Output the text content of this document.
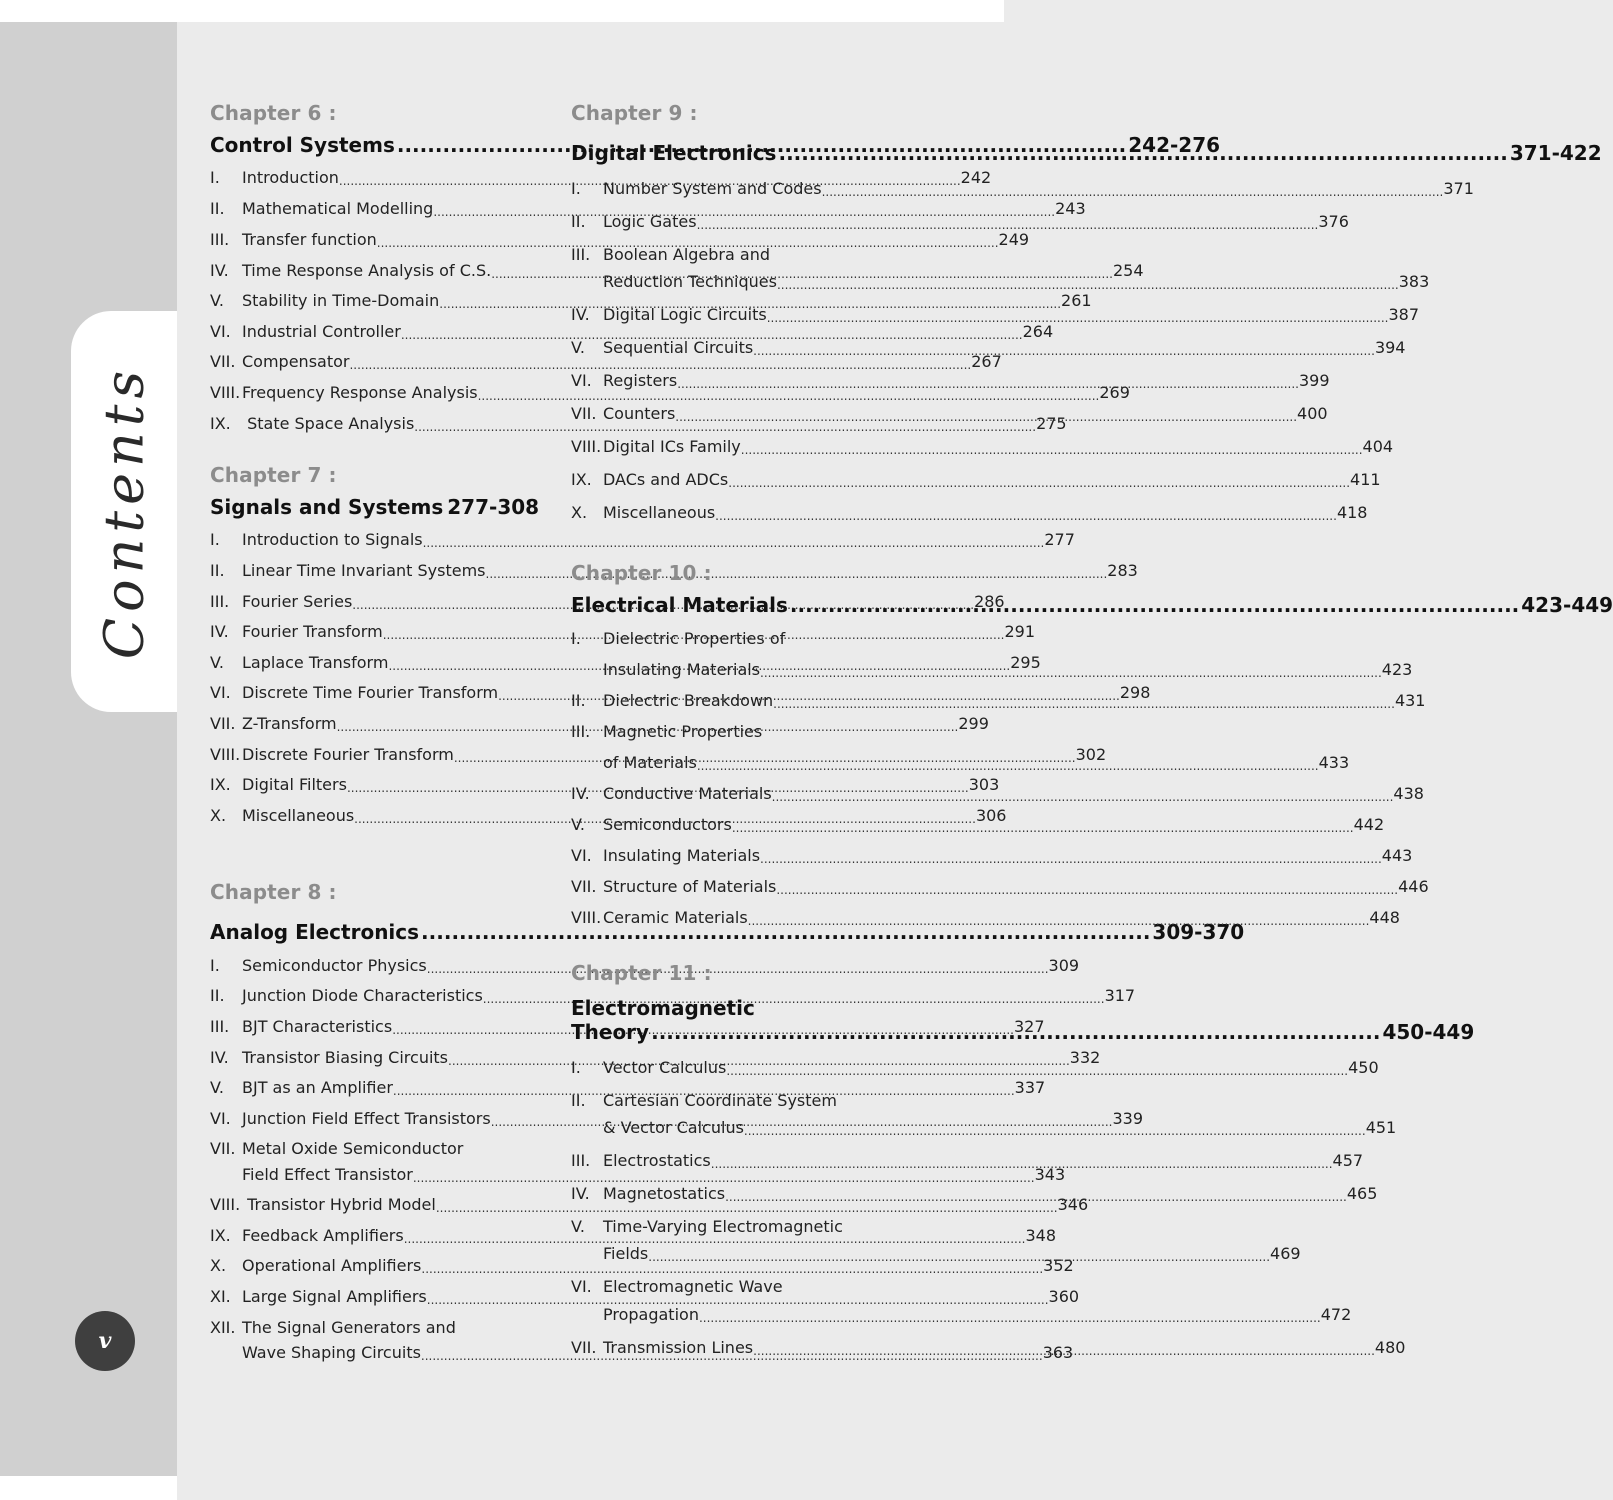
Contents
v
Chapter 6 :
Control Systems .....	242-276
I.	Introduction .....	242
II.	Mathematical Modelling .....	243
III. Transfer function .....	249
IV. Time Response Analysis of C.S. .....	254
V.	Stability in Time-Domain .....	261
VI. Industrial Controller .....	264
VII. Compensator .....	267
VIII. Frequency Response Analysis .....	269
IX. State Space Analysis .....	275
Chapter 7 :
Signals and Systems 277-308
I.	Introduction to Signals .....	277
II.	Linear Time Invariant Systems .....	283
III. Fourier Series .....	286
IV. Fourier Transform .....	291
V.	Laplace Transform .....	295
VI. Discrete Time Fourier Transform .....	298
VII. Z-Transform .....	299
VIII. Discrete Fourier Transform .....	302
IX. Digital Filters .....	303
X. Miscellaneous .....	306
Chapter 8 :
Analog Electronics .....	309-370
I.	Semiconductor Physics .....	309
II.	Junction Diode Characteristics .....	317
III. BJT Characteristics .....	327
IV. Transistor Biasing Circuits .....	332
V.	BJT as an Amplifier .....	337
VI. Junction Field Effect Transistors .....	339
VII. Metal Oxide Semiconductor
Field Effect Transistor .....	343
VIII. Transistor Hybrid Model .....	346
IX. Feedback Amplifiers .....	348
X. Operational Amplifiers .....	352
XI. Large Signal Amplifiers .....	360
XII. The Signal Generators and
Wave Shaping Circuits .....	363
Chapter 9 :
Digital Electronics .....	371-422
I.	Number System and Codes .....	371
II.	Logic Gates .....	376
III. Boolean Algebra and
Reduction Techniques .....	383
IV. Digital Logic Circuits .....	387
V.	Sequential Circuits .....	394
VI. Registers .....	399
VII. Counters .....	400
VIII. Digital ICs Family .....	404
IX. DACs and ADCs .....	411
X. Miscellaneous .....	418
Chapter 10 :
Electrical Materials .....	423-449
I.	Dielectric Properties of
Insulating Materials .....	423
II.	Dielectric Breakdown .....	431
III. Magnetic Properties
of Materials .....	433
IV. Conductive Materials .....	438
V.	Semiconductors .....	442
VI. Insulating Materials .....	443
VII. Structure of Materials .....	446
VIII. Ceramic Materials .....	448
Chapter 11 :
Electromagnetic
Theory .....	450-449
I.	Vector Calculus .....	450
II.	Cartesian Coordinate System
& Vector Calculus .....	451
III. Electrostatics .....	457
IV. Magnetostatics .....	465
V.	Time-Varying Electromagnetic
Fields .....	469
VI. Electromagnetic Wave
Propagation .....	472
VII. Transmission Lines .....	480
